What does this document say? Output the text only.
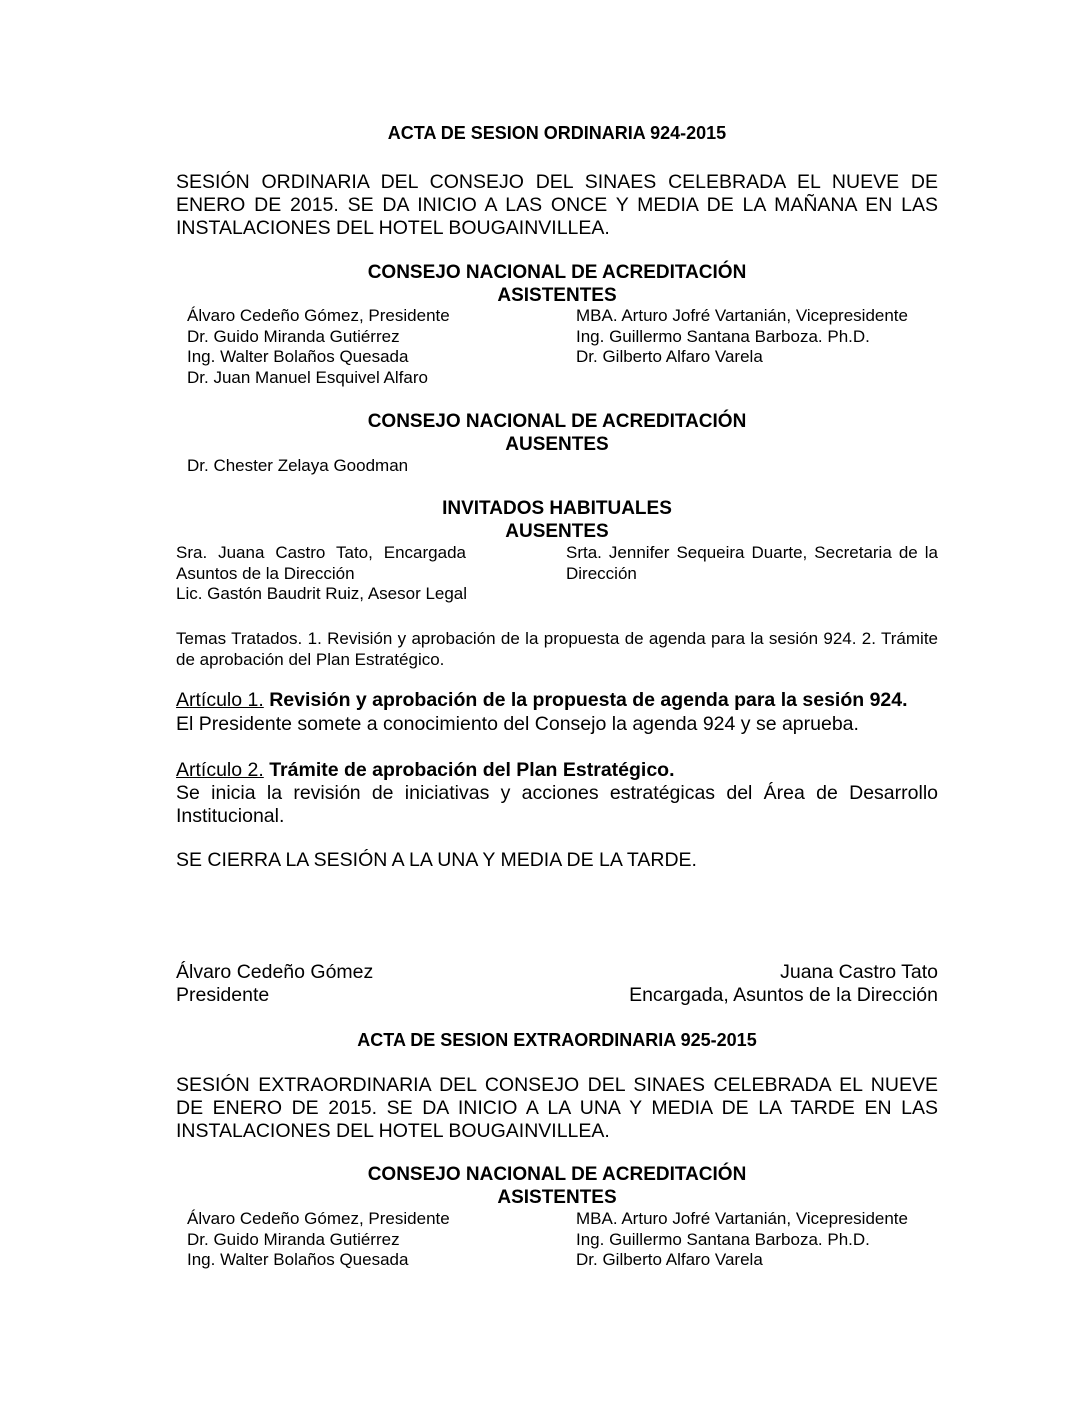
ACTA DE SESION ORDINARIA 924-2015
SESIÓN ORDINARIA DEL CONSEJO DEL SINAES CELEBRADA EL NUEVE DE ENERO DE 2015. SE DA INICIO A LAS ONCE Y MEDIA DE LA MAÑANA EN LAS INSTALACIONES DEL HOTEL BOUGAINVILLEA.
CONSEJO NACIONAL DE ACREDITACIÓN
ASISTENTES
Álvaro Cedeño Gómez, Presidente
Dr. Guido Miranda Gutiérrez
Ing. Walter Bolaños Quesada
Dr. Juan Manuel Esquivel Alfaro
MBA. Arturo Jofré Vartanián, Vicepresidente
Ing. Guillermo Santana Barboza. Ph.D.
Dr. Gilberto Alfaro Varela
CONSEJO NACIONAL DE ACREDITACIÓN
AUSENTES
Dr. Chester Zelaya Goodman
INVITADOS HABITUALES
AUSENTES
Sra. Juana Castro Tato, Encargada Asuntos de la Dirección
Lic. Gastón Baudrit Ruiz, Asesor Legal
Srta. Jennifer Sequeira Duarte, Secretaria de la Dirección
Temas Tratados. 1. Revisión y aprobación de la propuesta de agenda para la sesión 924. 2. Trámite de aprobación del Plan Estratégico.
Artículo 1. Revisión y aprobación de la propuesta de agenda para la sesión 924.
El Presidente somete a conocimiento del Consejo la agenda 924 y se aprueba.
Artículo 2. Trámite de aprobación del Plan Estratégico.
Se inicia la revisión de iniciativas y acciones estratégicas del Área de Desarrollo Institucional.
SE CIERRA LA SESIÓN A LA UNA Y MEDIA DE LA TARDE.
Álvaro Cedeño Gómez
Presidente
Juana Castro Tato
Encargada, Asuntos de la Dirección
ACTA DE SESION EXTRAORDINARIA 925-2015
SESIÓN EXTRAORDINARIA DEL CONSEJO DEL SINAES CELEBRADA EL NUEVE DE ENERO DE 2015. SE DA INICIO A LA UNA Y MEDIA DE LA TARDE EN LAS INSTALACIONES DEL HOTEL BOUGAINVILLEA.
CONSEJO NACIONAL DE ACREDITACIÓN
ASISTENTES
Álvaro Cedeño Gómez, Presidente
Dr. Guido Miranda Gutiérrez
Ing. Walter Bolaños Quesada
MBA. Arturo Jofré Vartanián, Vicepresidente
Ing. Guillermo Santana Barboza. Ph.D.
Dr. Gilberto Alfaro Varela
